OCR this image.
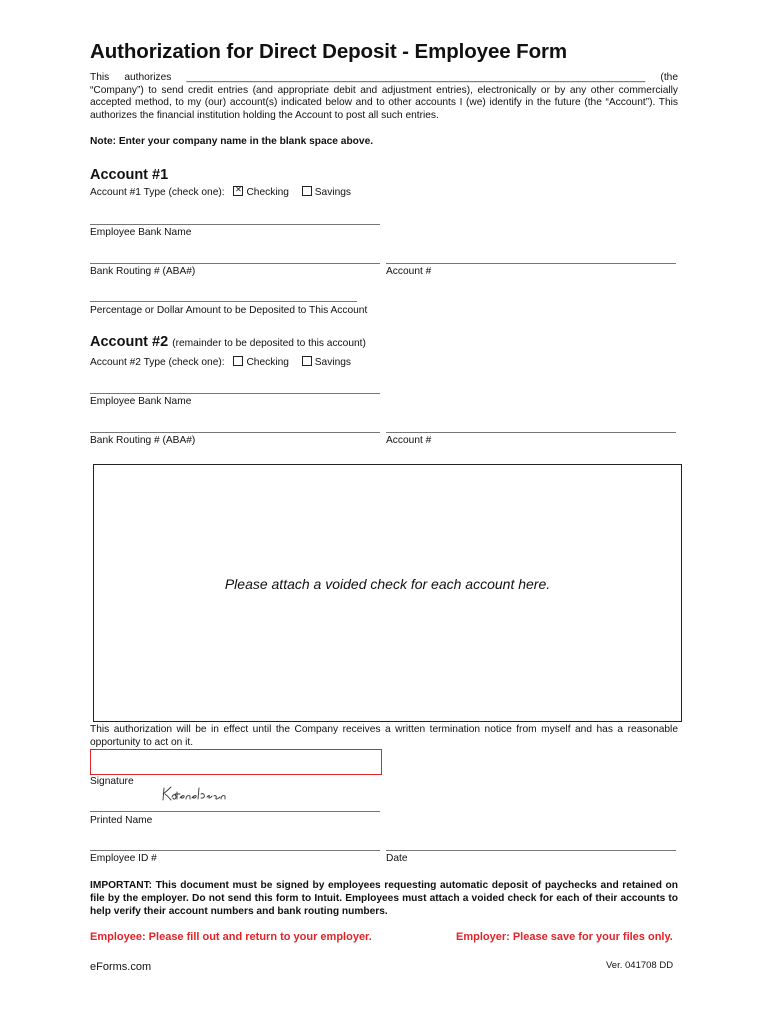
Authorization for Direct Deposit - Employee Form
This authorizes _________________________________________________________________________________ (the “Company”) to send credit entries (and appropriate debit and adjustment entries), electronically or by any other commercially accepted method, to my (our) account(s) indicated below and to other accounts I (we) identify in the future (the “Account”). This authorizes the financial institution holding the Account to post all such entries.
Note: Enter your company name in the blank space above.
Account #1
Account #1 Type (check one): ✕ Checking	Savings
Employee Bank Name
Bank Routing # (ABA#)	Account #
Percentage or Dollar Amount to be Deposited to This Account
Account #2 (remainder to be deposited to this account)
Account #2 Type (check one): Checking	Savings
Employee Bank Name
Bank Routing # (ABA#)	Account #
Please attach a voided check for each account here.
This authorization will be in effect until the Company receives a written termination notice from myself and has a reasonable opportunity to act on it.
Signature
Printed Name
Employee ID #	Date
IMPORTANT: This document must be signed by employees requesting automatic deposit of paychecks and retained on file by the employer. Do not send this form to Intuit. Employees must attach a voided check for each of their accounts to help verify their account numbers and bank routing numbers.
Employee: Please fill out and return to your employer.	Employer: Please save for your files only.
eForms.com	Ver. 041708 DD
